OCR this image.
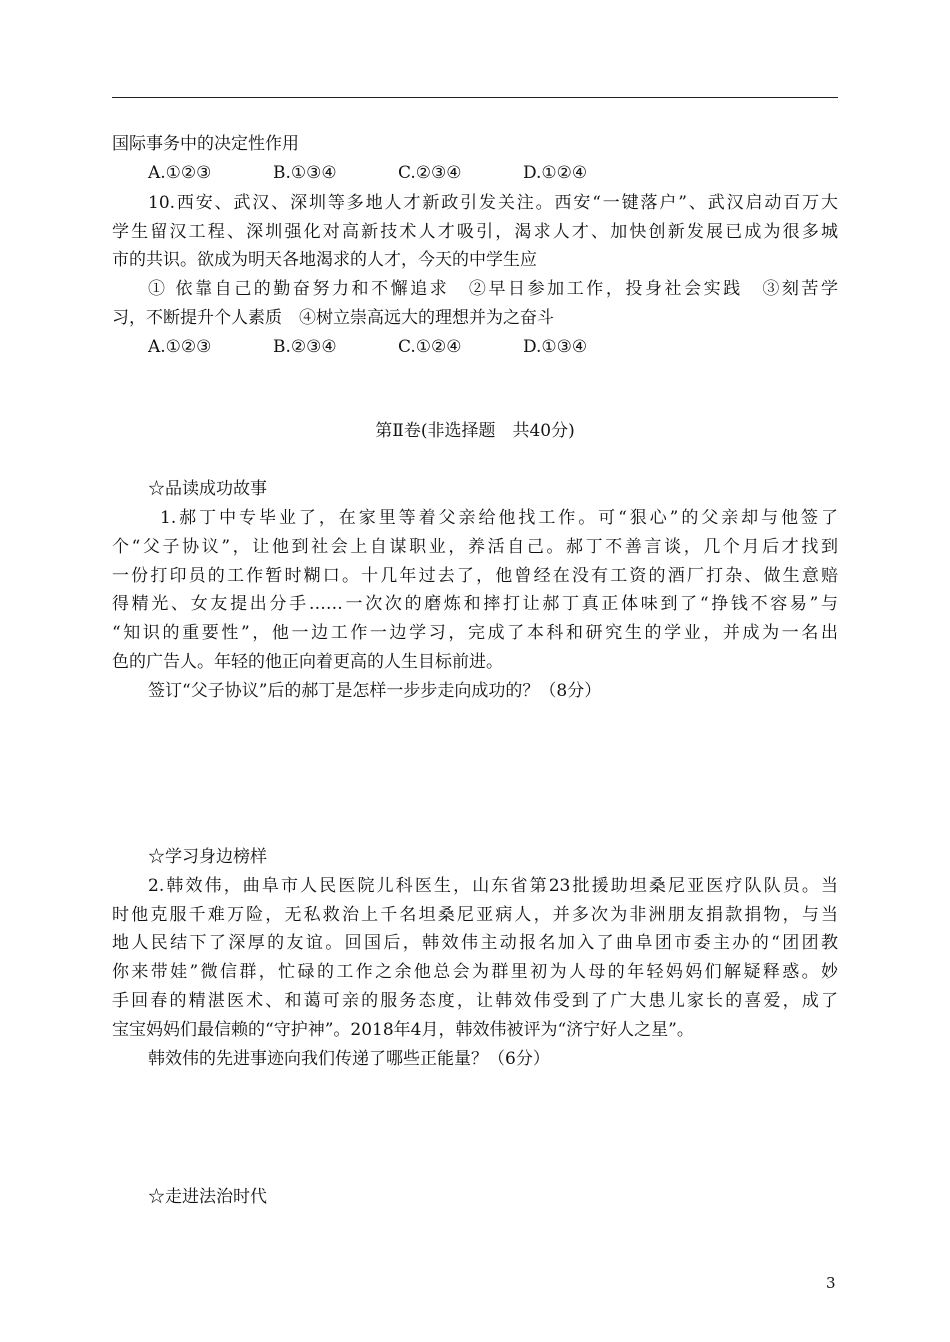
国际事务中的决定性作用
A.①②③	B.①③④	C.②③④	D.①②④
10.西安、武汉、深圳等多地人才新政引发关注。西安“一键落户”、武汉启动百万大
学生留汉工程、深圳强化对高新技术人才吸引，渴求人才、加快创新发展已成为很多城
市的共识。欲成为明天各地渴求的人才，今天的中学生应
① 依靠自己的勤奋努力和不懈追求　②早日参加工作，投身社会实践　③刻苦学
习，不断提升个人素质　④树立崇高远大的理想并为之奋斗
A.①②③	B.②③④	C.①②④	D.①③④
第Ⅱ卷(非选择题　共40分)
☆品读成功故事
1.郝丁中专毕业了，在家里等着父亲给他找工作。可“狠心”的父亲却与他签了
个“父子协议”，让他到社会上自谋职业，养活自己。郝丁不善言谈，几个月后才找到
一份打印员的工作暂时糊口。十几年过去了，他曾经在没有工资的酒厂打杂、做生意赔
得精光、女友提出分手……一次次的磨炼和摔打让郝丁真正体味到了“挣钱不容易”与
“知识的重要性”，他一边工作一边学习，完成了本科和研究生的学业，并成为一名出
色的广告人。年轻的他正向着更高的人生目标前进。
签订“父子协议”后的郝丁是怎样一步步走向成功的？（8分）
☆学习身边榜样
2.韩效伟，曲阜市人民医院儿科医生，山东省第23批援助坦桑尼亚医疗队队员。当
时他克服千难万险，无私救治上千名坦桑尼亚病人，并多次为非洲朋友捐款捐物，与当
地人民结下了深厚的友谊。回国后，韩效伟主动报名加入了曲阜团市委主办的“团团教
你来带娃”微信群，忙碌的工作之余他总会为群里初为人母的年轻妈妈们解疑释惑。妙
手回春的精湛医术、和蔼可亲的服务态度，让韩效伟受到了广大患儿家长的喜爱，成了
宝宝妈妈们最信赖的“守护神”。2018年4月，韩效伟被评为“济宁好人之星”。
韩效伟的先进事迹向我们传递了哪些正能量？（6分）
☆走进法治时代
3
